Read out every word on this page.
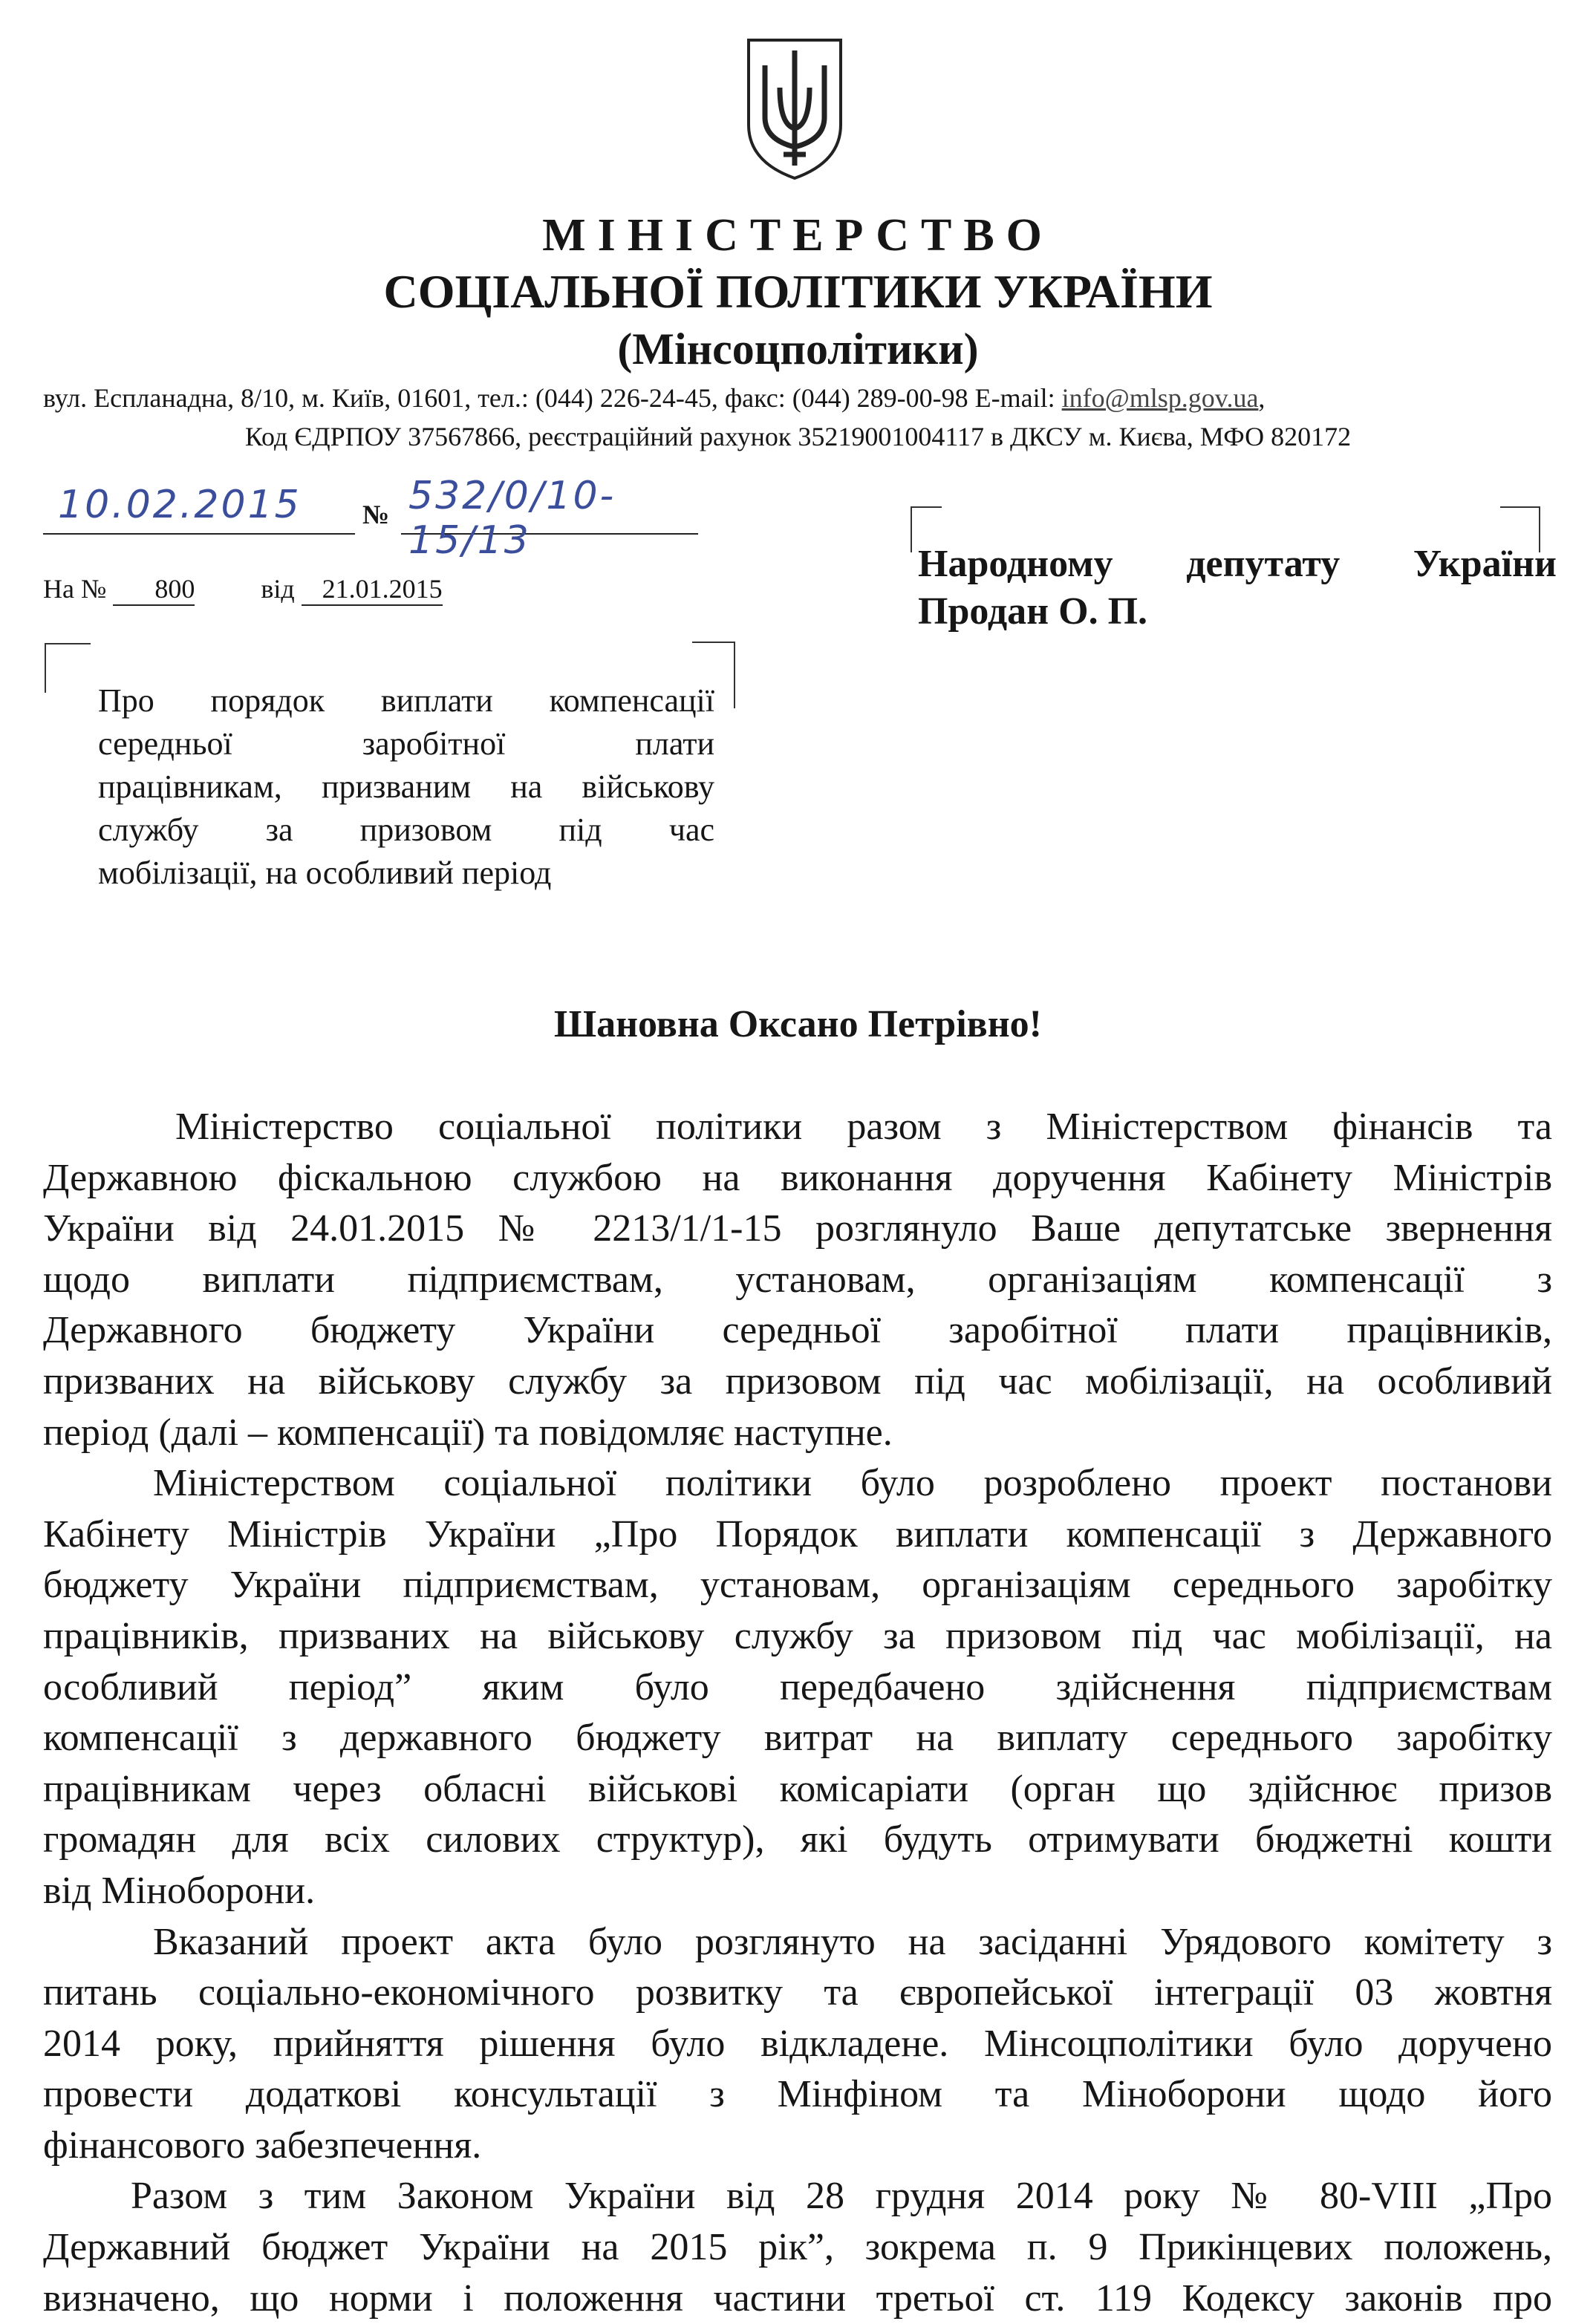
МІНІСТЕРСТВО
СОЦІАЛЬНОЇ ПОЛІТИКИ УКРАЇНИ
(Мінсоцполітики)
вул. Еспланадна, 8/10, м. Київ, 01601, тел.: (044) 226-24-45, факс: (044) 289-00-98 E-mail: info@mlsp.gov.ua,
Код ЄДРПОУ 37567866, реєстраційний рахунок 35219001004117 в ДКСУ м. Києва, МФО 820172
10.02.2015 № 532/0/10-15/13
На № 800 від 21.01.2015
Народному депутату України
Продан О. П.
Про порядок виплати компенсації
середньої заробітної плати
працівникам, призваним на військову
службу за призовом під час
мобілізації, на особливий період
Шановна Оксано Петрівно!
Міністерство соціальної політики разом з Міністерством фінансів та
Державною фіскальною службою на виконання доручення Кабінету Міністрів
України від 24.01.2015 № 2213/1/1-15 розглянуло Ваше депутатське звернення
щодо виплати підприємствам, установам, організаціям компенсації з
Державного бюджету України середньої заробітної плати працівників,
призваних на військову службу за призовом під час мобілізації, на особливий
період (далі – компенсації) та повідомляє наступне.
Міністерством соціальної політики було розроблено проект постанови
Кабінету Міністрів України „Про Порядок виплати компенсації з Державного
бюджету України підприємствам, установам, організаціям середнього заробітку
працівників, призваних на військову службу за призовом під час мобілізації, на
особливий період” яким було передбачено здійснення підприємствам
компенсації з державного бюджету витрат на виплату середнього заробітку
працівникам через обласні військові комісаріати (орган що здійснює призов
громадян для всіх силових структур), які будуть отримувати бюджетні кошти
від Міноборони.
Вказаний проект акта було розглянуто на засіданні Урядового комітету з
питань соціально-економічного розвитку та європейської інтеграції 03 жовтня
2014 року, прийняття рішення було відкладене. Мінсоцполітики було доручено
провести додаткові консультації з Мінфіном та Міноборони щодо його
фінансового забезпечення.
Разом з тим Законом України від 28 грудня 2014 року № 80-VIII „Про
Державний бюджет України на 2015 рік”, зокрема п. 9 Прикінцевих положень,
визначено, що норми і положення частини третьої ст. 119 Кодексу законів про
